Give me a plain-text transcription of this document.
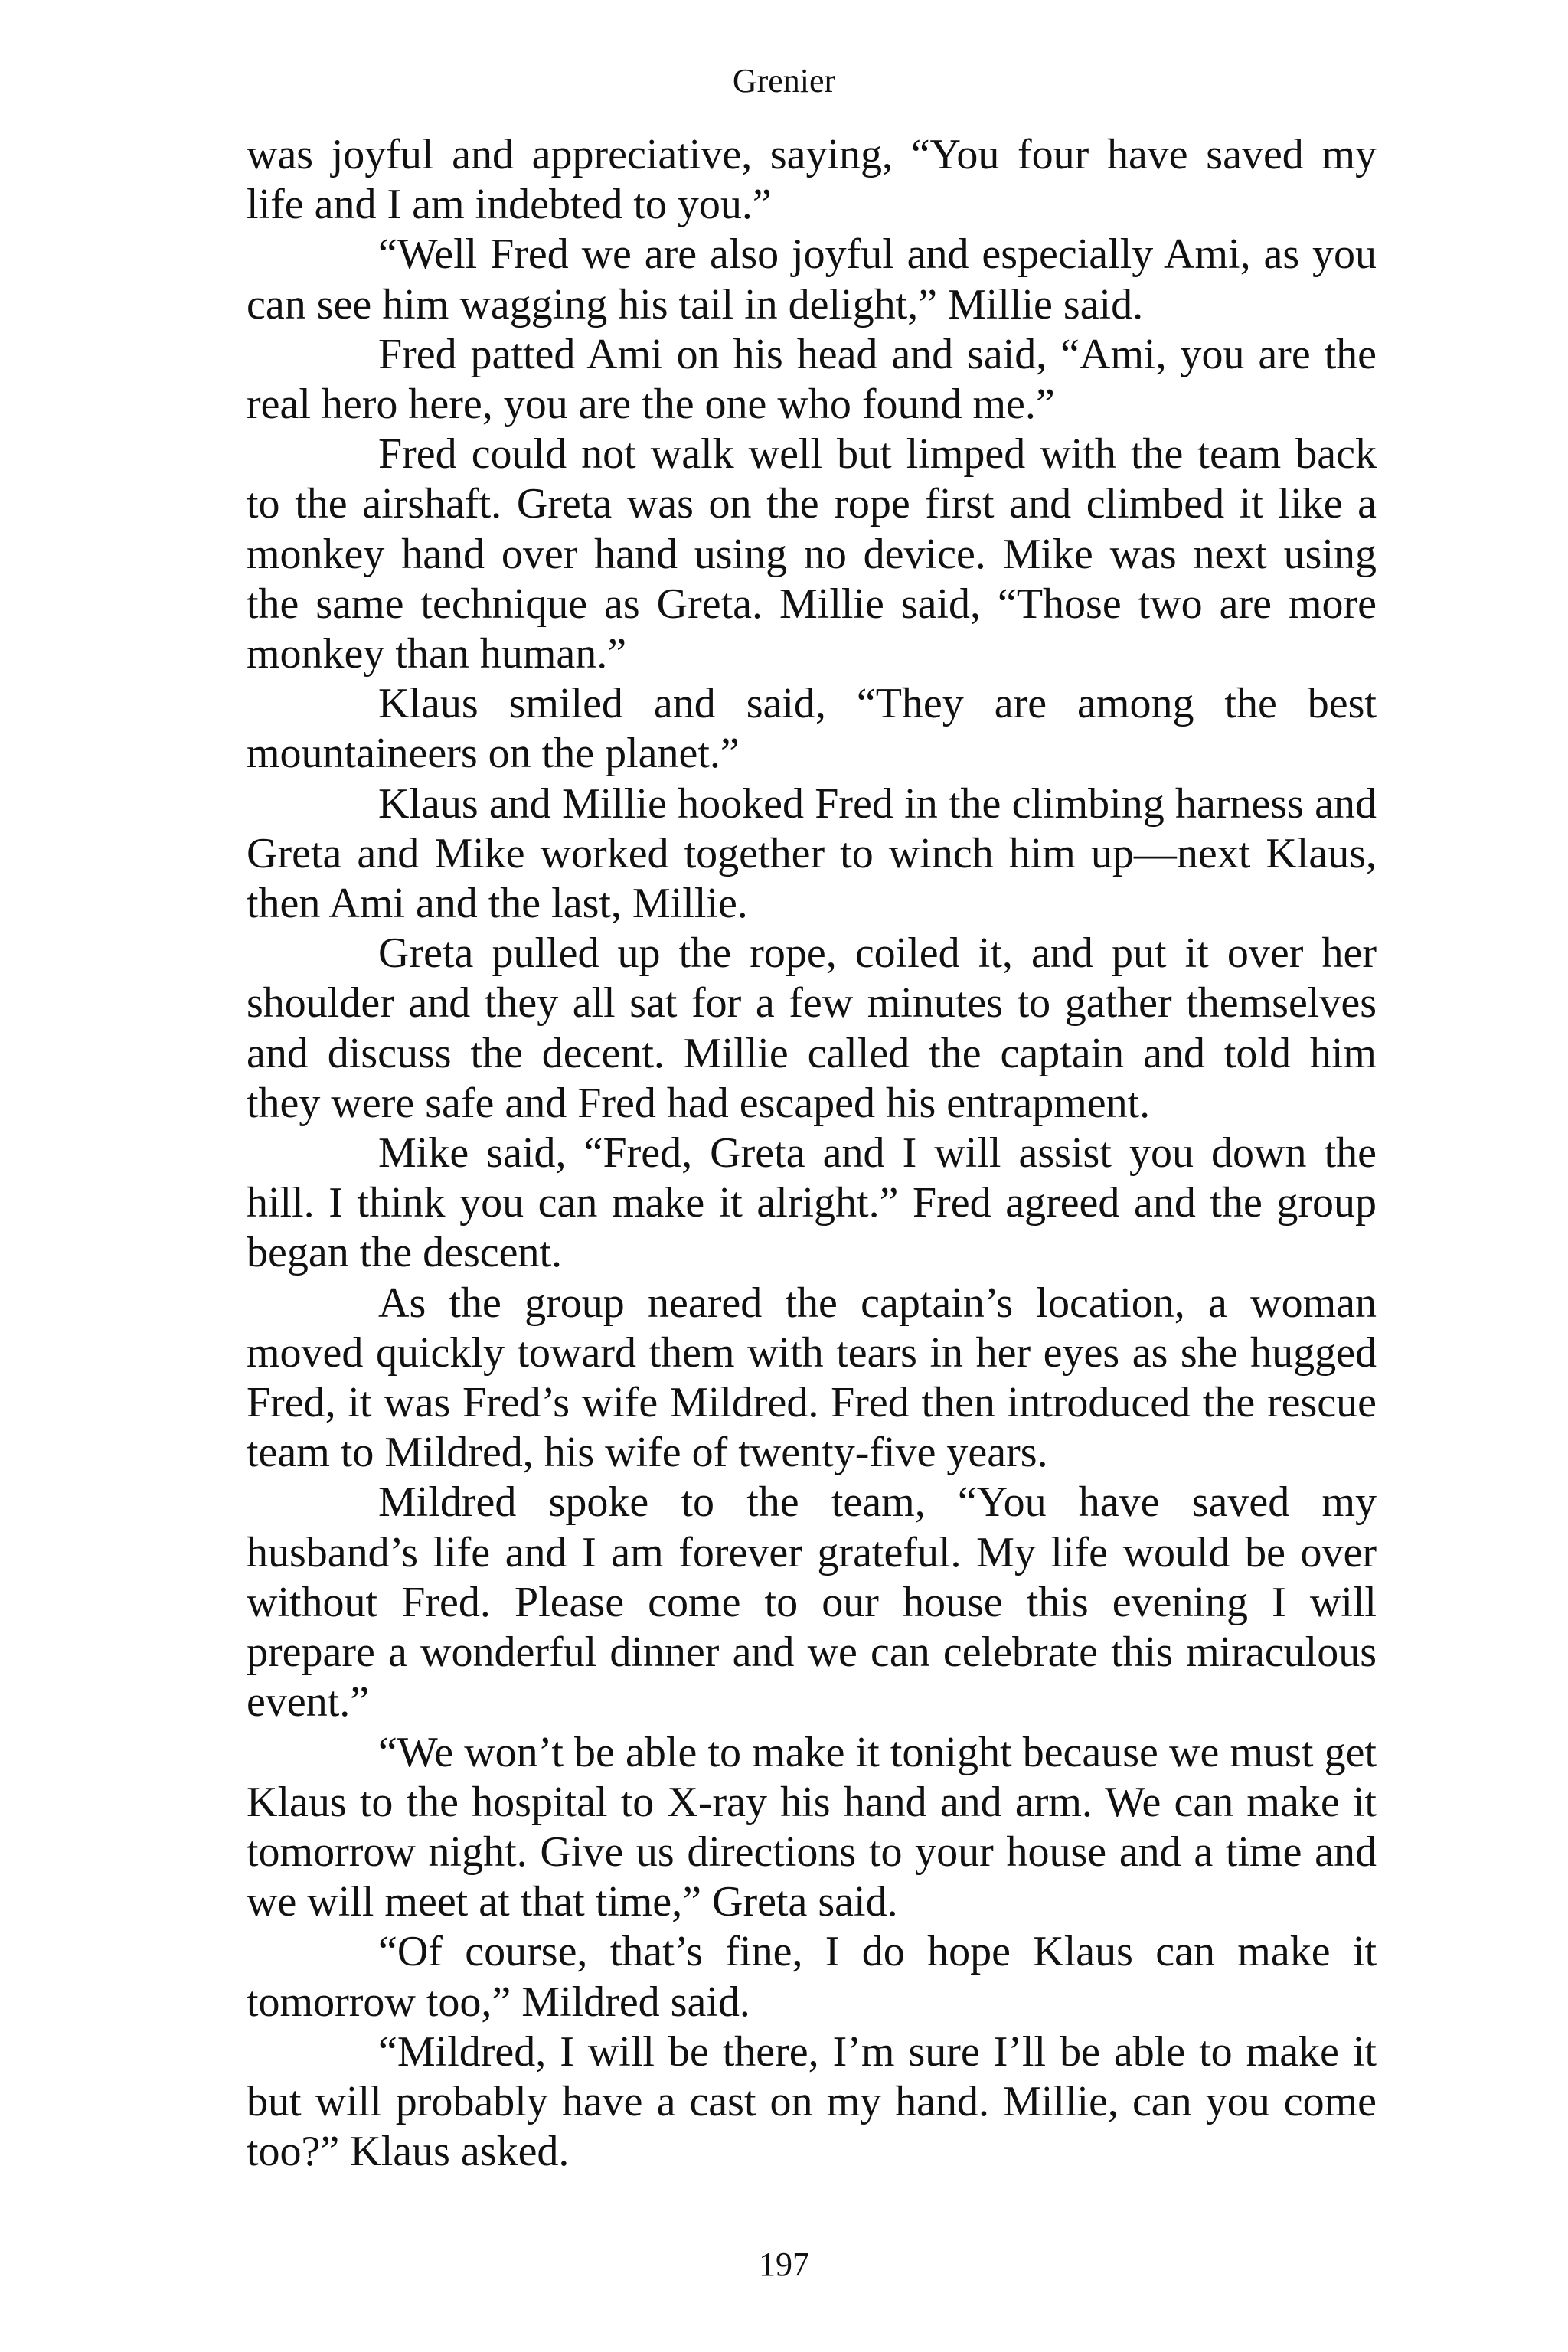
Grenier

was joyful and appreciative, saying, “You four have saved my life and I am indebted to you.”

“Well Fred we are also joyful and especially Ami, as you can see him wagging his tail in delight,” Millie said.

Fred patted Ami on his head and said, “Ami, you are the real hero here, you are the one who found me.”

Fred could not walk well but limped with the team back to the airshaft. Greta was on the rope first and climbed it like a monkey hand over hand using no device. Mike was next using the same technique as Greta. Millie said, “Those two are more monkey than human.”

Klaus smiled and said, “They are among the best mountaineers on the planet.”

Klaus and Millie hooked Fred in the climbing harness and Greta and Mike worked together to winch him up—next Klaus, then Ami and the last, Millie.

Greta pulled up the rope, coiled it, and put it over her shoulder and they all sat for a few minutes to gather themselves and discuss the decent. Millie called the captain and told him they were safe and Fred had escaped his entrapment.

Mike said, “Fred, Greta and I will assist you down the hill. I think you can make it alright.” Fred agreed and the group began the descent.

As the group neared the captain’s location, a woman moved quickly toward them with tears in her eyes as she hugged Fred, it was Fred’s wife Mildred. Fred then introduced the rescue team to Mildred, his wife of twenty-five years.

Mildred spoke to the team, “You have saved my husband’s life and I am forever grateful. My life would be over without Fred. Please come to our house this evening I will prepare a wonderful dinner and we can celebrate this miraculous event.”

“We won’t be able to make it tonight because we must get Klaus to the hospital to X-ray his hand and arm. We can make it tomorrow night. Give us directions to your house and a time and we will meet at that time,” Greta said.

“Of course, that’s fine, I do hope Klaus can make it tomorrow too,” Mildred said.

“Mildred, I will be there, I’m sure I’ll be able to make it but will probably have a cast on my hand. Millie, can you come too?” Klaus asked.

197
